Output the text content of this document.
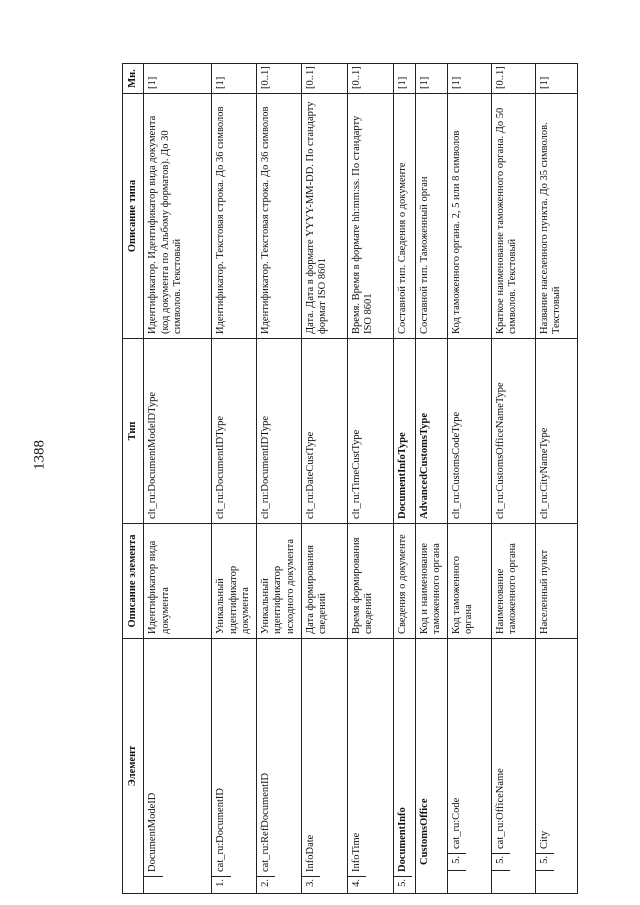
1388
Элемент	Описание элемента	Тип	Описание типа	Мн.

DocumentModeID	Идентификатор вида документа	clt_ru:DocumentModelDType	Идентификатор. Идентификатор вида документа (код документа по Альбому форматов). До 30 символов. Текстовый	[1]

1.
cat_ru:DocumentID	Уникальный идентификатор документа	clt_ru:DocumentIDType	Идентификатор. Текстовая строка. До 36 символов	[1]

2.
cat_ru:RefDocumentID	Уникальный идентификатор исходного документа	clt_ru:DocumentIDType	Идентификатор. Текстовая строка. До 36 символов	[0..1]

3.
InfoDate	Дата формирования сведений	clt_ru:DateCustType	Дата. Дата в формате YYYY-MM-DD. По стандарту формат ISO 8601	[0..1]

4.
InfoTime	Время формирования сведений	clt_ru:TimeCustType	Время. Время в формате hh:mm:ss. По стандарту ISO 8601	[0..1]

5.
DocumentInfo	Сведения о документе	DocumentInfoType	Составной тип. Сведения о документе	[1]

CustomsOffice	Код и наименование таможенного органа	AdvancedCustomsType	Составной тип. Таможенный орган	[1]

5.
cat_ru:Code	Код таможенного органа	clt_ru:CustomsCodeType	Код таможенного органа. 2, 5 или 8 символов	[1]

5.
cat_ru:OfficeName	Наименование таможенного органа	clt_ru:CustomsOfficeNameType	Краткое наименование таможенного органа. До 50 символов. Текстовый	[0..1]

5.
City	Населенный пункт	clt_ru:CityNameType	Название населенного пункта. До 35 символов. Текстовый	[1]
